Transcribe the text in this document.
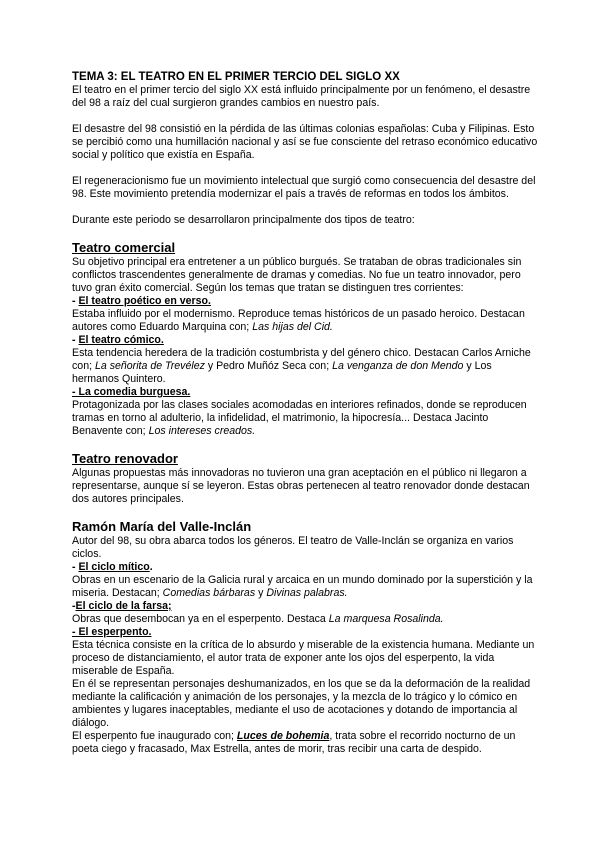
TEMA 3: EL TEATRO EN EL PRIMER TERCIO DEL SIGLO XX

El teatro en el primer tercio del siglo XX está influido principalmente por un fenómeno, el desastre del 98 a raíz del cual surgieron grandes cambios en nuestro país.

El desastre del 98 consistió en la pérdida de las últimas colonias españolas: Cuba y Filipinas. Esto se percibió como una humillación nacional y así se fue consciente del retraso económico educativo social y político que existía en España.

El regeneracionismo fue un movimiento intelectual que surgió como consecuencia del desastre del 98. Este movimiento pretendía modernizar el país a través de reformas en todos los ámbitos.

Durante este periodo se desarrollaron principalmente dos tipos de teatro:

Teatro comercial

Su objetivo principal era entretener a un público burgués. Se trataban de obras tradicionales sin conflictos trascendentes generalmente de dramas y comedias. No fue un teatro innovador, pero tuvo gran éxito comercial. Según los temas que tratan se distinguen tres corrientes:

- El teatro poético en verso.

Estaba influido por el modernismo. Reproduce temas históricos de un pasado heroico. Destacan autores como Eduardo Marquina con; Las hijas del Cid.

- El teatro cómico.

Esta tendencia heredera de la tradición costumbrista y del género chico. Destacan Carlos Arniche con; La señorita de Trevélez y Pedro Muñóz Seca con; La venganza de don Mendo y Los hermanos Quintero.

- La comedia burguesa.

Protagonizada por las clases sociales acomodadas en interiores refinados, donde se reproducen tramas en torno al adulterio, la infidelidad, el matrimonio, la hipocresía... Destaca Jacinto Benavente con; Los intereses creados.

Teatro renovador

Algunas propuestas más innovadoras no tuvieron una gran aceptación en el público ni llegaron a representarse, aunque sí se leyeron. Estas obras pertenecen al teatro renovador donde destacan dos autores principales.

Ramón María del Valle-Inclán

Autor del 98, su obra abarca todos los géneros. El teatro de Valle-Inclán se organiza en varios ciclos.

- El ciclo mítico.

Obras en un escenario de la Galicia rural y arcaica en un mundo dominado por la superstición y la miseria. Destacan; Comedias bárbaras y Divinas palabras.

-El ciclo de la farsa;

Obras que desembocan ya en el esperpento. Destaca La marquesa Rosalinda.

- El esperpento.

Esta técnica consiste en la crítica de lo absurdo y miserable de la existencia humana. Mediante un proceso de distanciamiento, el autor trata de exponer ante los ojos del esperpento, la vida miserable de España.

En él se representan personajes deshumanizados, en los que se da la deformación de la realidad mediante la calificación y animación de los personajes, y la mezcla de lo trágico y lo cómico en ambientes y lugares inaceptables, mediante el uso de acotaciones y dotando de importancia al diálogo.

El esperpento fue inaugurado con; Luces de bohemia, trata sobre el recorrido nocturno de un poeta ciego y fracasado, Max Estrella, antes de morir, tras recibir una carta de despido.
